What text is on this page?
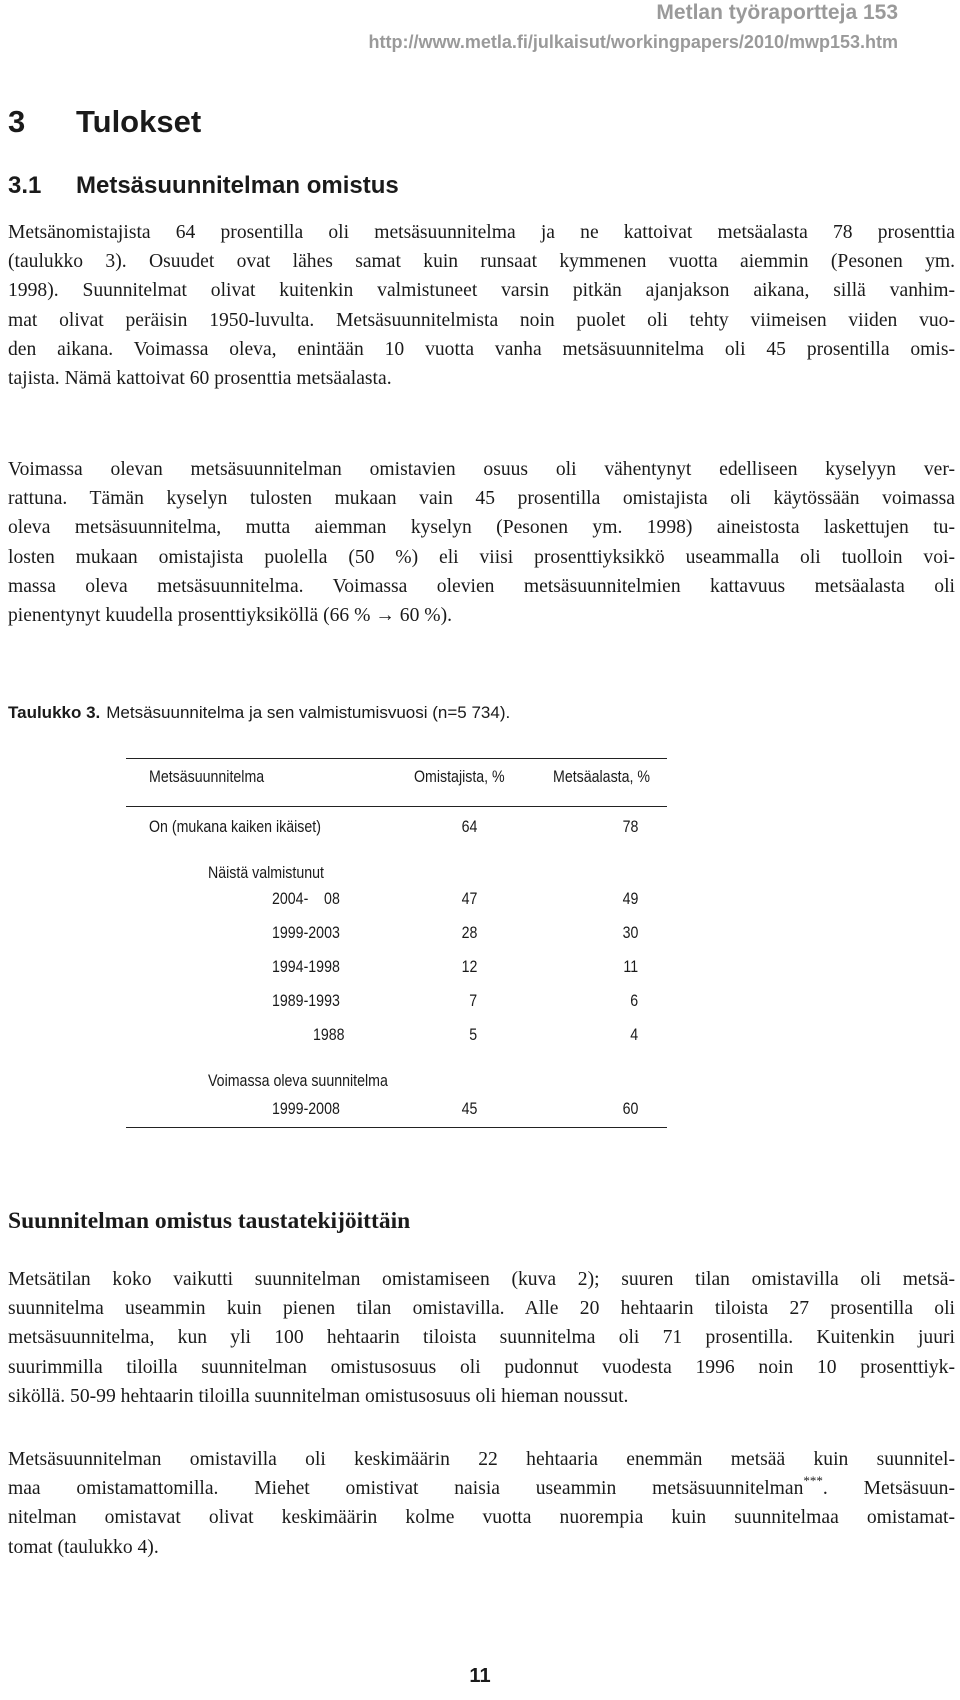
Metlan työraportteja 153
http://www.metla.fi/julkaisut/workingpapers/2010/mwp153.htm
3 Tulokset
3.1 Metsäsuunnitelman omistus

Metsänomistajista 64 prosentilla oli metsäsuunnitelma ja ne kattoivat metsäalasta 78 prosenttia
(taulukko 3). Osuudet ovat lähes samat kuin runsaat kymmenen vuotta aiemmin (Pesonen ym.
1998). Suunnitelmat olivat kuitenkin valmistuneet varsin pitkän ajanjakson aikana, sillä vanhim-
mat olivat peräisin 1950-luvulta. Metsäsuunnitelmista noin puolet oli tehty viimeisen viiden vuo-
den aikana. Voimassa oleva, enintään 10 vuotta vanha metsäsuunnitelma oli 45 prosentilla omis-
tajista. Nämä kattoivat 60 prosenttia metsäalasta.

Voimassa olevan metsäsuunnitelman omistavien osuus oli vähentynyt edelliseen kyselyyn ver-
rattuna. Tämän kyselyn tulosten mukaan vain 45 prosentilla omistajista oli käytössään voimassa
oleva metsäsuunnitelma, mutta aiemman kyselyn (Pesonen ym. 1998) aineistosta laskettujen tu-
losten mukaan omistajista puolella (50 %) eli viisi prosenttiyksikkö useammalla oli tuolloin voi-
massa oleva metsäsuunnitelma. Voimassa olevien metsäsuunnitelmien kattavuus metsäalasta oli
pienentynyt kuudella prosenttiyksiköllä (66 % → 60 %).

Taulukko 3. Metsäsuunnitelma ja sen valmistumisvuosi (n=5 734).
Metsäsuunnitelma	Omistajista, %	Metsäalasta, %
On (mukana kaiken ikäiset)	64	78
Näistä valmistunut
2004-    08	47	49
1999-2003	28	30
1994-1998	12	11
1989-1993	7	6
1988	5	4
Voimassa oleva suunnitelma
1999-2008	45	60
Suunnitelman omistus taustatekijöittäin

Metsätilan koko vaikutti suunnitelman omistamiseen (kuva 2); suuren tilan omistavilla oli metsä-
suunnitelma useammin kuin pienen tilan omistavilla. Alle 20 hehtaarin tiloista 27 prosentilla oli
metsäsuunnitelma, kun yli 100 hehtaarin tiloista suunnitelma oli 71 prosentilla. Kuitenkin juuri
suurimmilla tiloilla suunnitelman omistusosuus oli pudonnut vuodesta 1996 noin 10 prosenttiyk-
siköllä. 50-99 hehtaarin tiloilla suunnitelman omistusosuus oli hieman noussut.

Metsäsuunnitelman omistavilla oli keskimäärin 22 hehtaaria enemmän metsää kuin suunnitel-
maa omistamattomilla. Miehet omistivat naisia useammin metsäsuunnitelman***. Metsäsuun-
nitelman omistavat olivat keskimäärin kolme vuotta nuorempia kuin suunnitelmaa omistamat-
tomat (taulukko 4).

11
